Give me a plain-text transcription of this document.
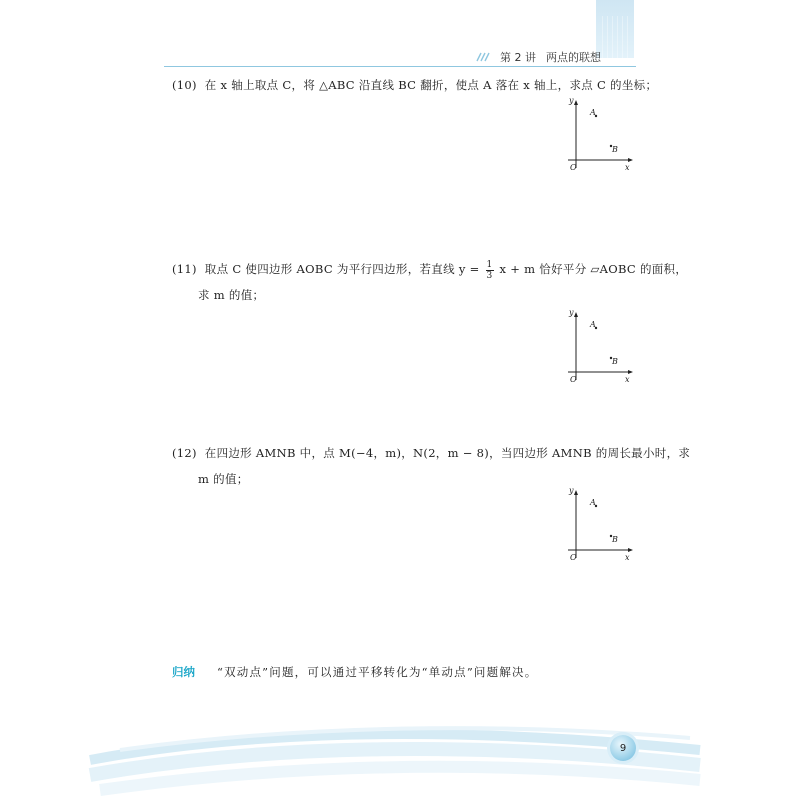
第 2 讲 两点的联想
(10) 在 x 轴上取点 C，将 △ABC 沿直线 BC 翻折，使点 A 落在 x 轴上，求点 C 的坐标；
y
A
B
O	x
(11) 取点 C 使四边形 AOBC 为平行四边形，若直线 $y = \frac{1}{3}$ x + m 恰好平分 ▱AOBC 的面积，
求 m 的值；
y
A
B
O	x
(12) 在四边形 AMNB 中，点 M(−4，m)，N(2，m − 8)，当四边形 AMNB 的周长最小时，求
m 的值；
y
A
B
O	x
归纳 “双动点”问题，可以通过平移转化为“单动点”问题解决。
9
